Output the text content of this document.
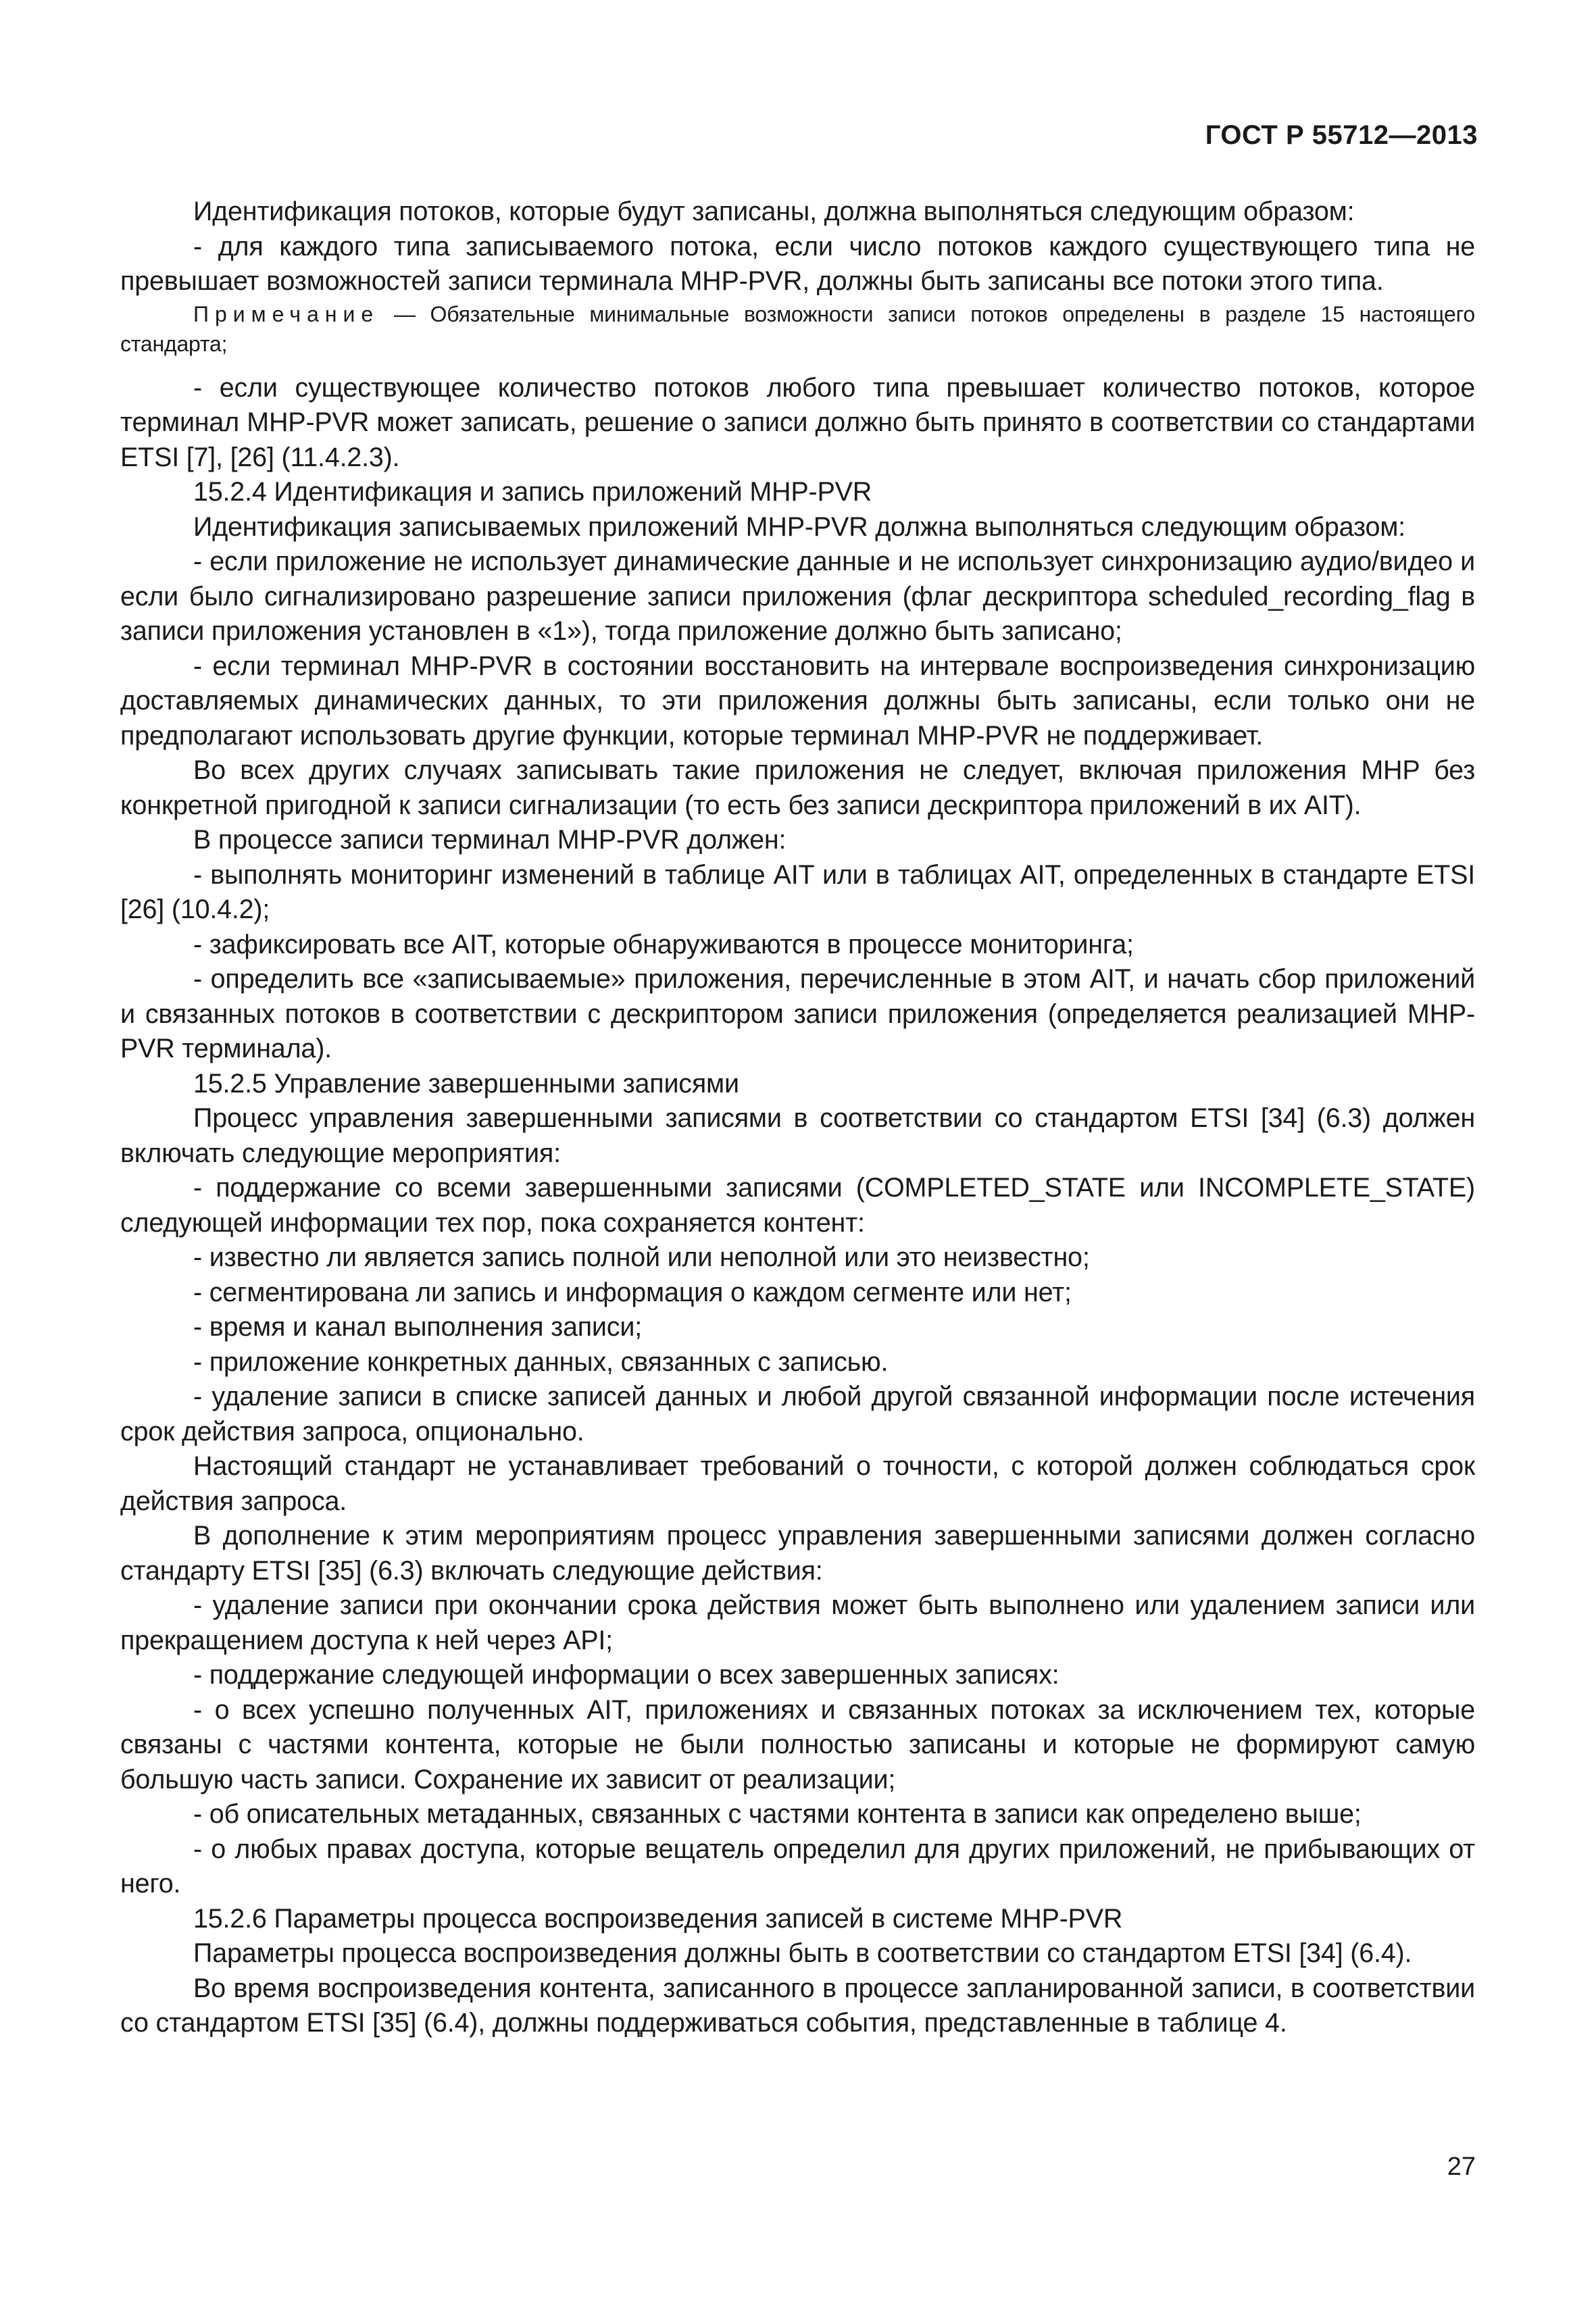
ГОСТ Р 55712—2013

Идентификация потоков, которые будут записаны, должна выполняться следующим образом:

- для каждого типа записываемого потока, если число потоков каждого существующего типа не превышает возможностей записи терминала MHP-PVR, должны быть записаны все потоки этого типа.

Примечание — Обязательные минимальные возможности записи потоков определены в разделе 15 настоящего стандарта;

- если существующее количество потоков любого типа превышает количество потоков, которое терминал MHP-PVR может записать, решение о записи должно быть принято в соответствии со стандартами ETSI [7], [26] (11.4.2.3).

15.2.4 Идентификация и запись приложений MHP-PVR

Идентификация записываемых приложений MHP-PVR должна выполняться следующим образом:

- если приложение не использует динамические данные и не использует синхронизацию аудио/видео и если было сигнализировано разрешение записи приложения (флаг дескриптора scheduled_recording_flag в записи приложения установлен в «1»), тогда приложение должно быть записано;

- если терминал MHP-PVR в состоянии восстановить на интервале воспроизведения синхронизацию доставляемых динамических данных, то эти приложения должны быть записаны, если только они не предполагают использовать другие функции, которые терминал MHP-PVR не поддерживает.

Во всех других случаях записывать такие приложения не следует, включая приложения MHP без конкретной пригодной к записи сигнализации (то есть без записи дескриптора приложений в их AIT).

В процессе записи терминал MHP-PVR должен:

- выполнять мониторинг изменений в таблице AIT или в таблицах AIT, определенных в стандарте ETSI [26] (10.4.2);

- зафиксировать все AIT, которые обнаруживаются в процессе мониторинга;

- определить все «записываемые» приложения, перечисленные в этом AIT, и начать сбор приложений и связанных потоков в соответствии с дескриптором записи приложения (определяется реализацией MHP-PVR терминала).

15.2.5 Управление завершенными записями

Процесс управления завершенными записями в соответствии со стандартом ETSI [34] (6.3) должен включать следующие мероприятия:

- поддержание со всеми завершенными записями (COMPLETED_STATE или INCOMPLETE_STATE) следующей информации тех пор, пока сохраняется контент:

- известно ли является запись полной или неполной или это неизвестно;

- сегментирована ли запись и информация о каждом сегменте или нет;

- время и канал выполнения записи;

- приложение конкретных данных, связанных с записью.

- удаление записи в списке записей данных и любой другой связанной информации после истечения срок действия запроса, опционально.

Настоящий стандарт не устанавливает требований о точности, с которой должен соблюдаться срок действия запроса.

В дополнение к этим мероприятиям процесс управления завершенными записями должен согласно стандарту ETSI [35] (6.3) включать следующие действия:

- удаление записи при окончании срока действия может быть выполнено или удалением записи или прекращением доступа к ней через API;

- поддержание следующей информации о всех завершенных записях:

- о всех успешно полученных AIT, приложениях и связанных потоках за исключением тех, которые связаны с частями контента, которые не были полностью записаны и которые не формируют самую большую часть записи. Сохранение их зависит от реализации;

- об описательных метаданных, связанных с частями контента в записи как определено выше;

- о любых правах доступа, которые вещатель определил для других приложений, не прибывающих от него.

15.2.6 Параметры процесса воспроизведения записей в системе MHP-PVR

Параметры процесса воспроизведения должны быть в соответствии со стандартом ETSI [34] (6.4).

Во время воспроизведения контента, записанного в процессе запланированной записи, в соответствии со стандартом ETSI [35] (6.4), должны поддерживаться события, представленные в таблице 4.

27
